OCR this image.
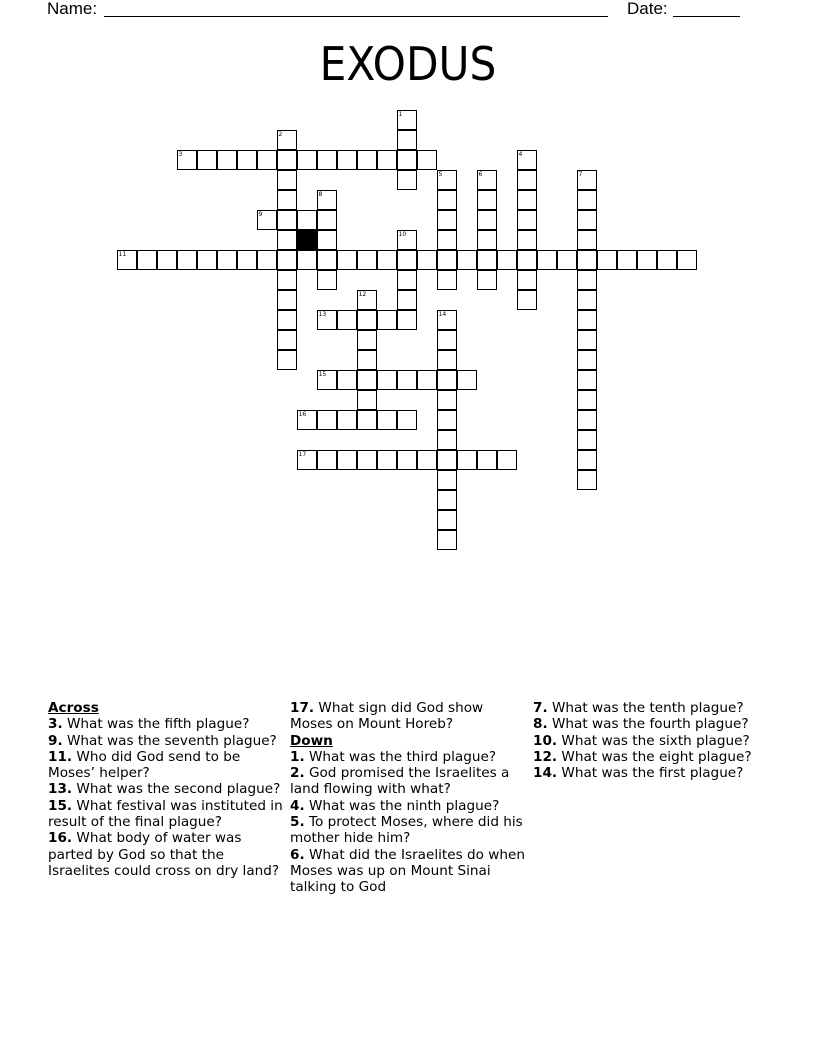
Name:	Date:
EXODUS
1
2
3	4
5	6	7
8
9
10
11
12
13	14
15
16
17
Across
3. What was the fifth plague?
9. What was the seventh plague?
11. Who did God send to be Moses’ helper?
13. What was the second plague?
15. What festival was instituted in result of the final plague?
16. What body of water was parted by God so that the Israelites could cross on dry land?
17. What sign did God show Moses on Mount Horeb?
Down
1. What was the third plague?
2. God promised the Israelites a land flowing with what?
4. What was the ninth plague?
5. To protect Moses, where did his mother hide him?
6. What did the Israelites do when Moses was up on Mount Sinai talking to God
7. What was the tenth plague?
8. What was the fourth plague?
10. What was the sixth plague?
12. What was the eight plague?
14. What was the first plague?
